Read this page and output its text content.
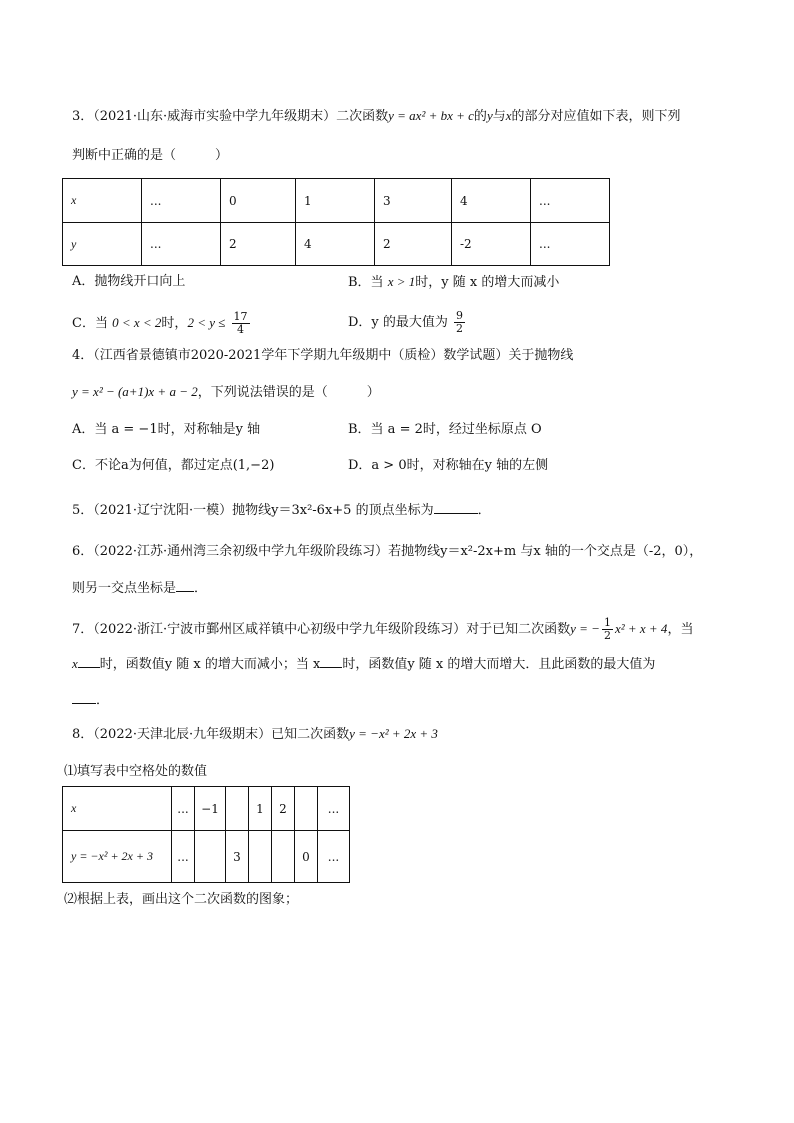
3．（2021·山东·威海市实验中学九年级期末）二次函数y = ax² + bx + c的y与x的部分对应值如下表，则下列
判断中正确的是（　　　）
x	...	0	1	3	4	...
y	...	2	4	2	-2	...
A．抛物线开口向上	B．当 x > 1时，y 随 x 的增大而减小
C．当 0 < x < 2时，$2 < y \le \frac{17}{4}$	D．y 的最大值为 $\frac{9}{2}$
4．（江西省景德镇市2020-2021学年下学期九年级期中（质检）数学试题）关于抛物线
y = x² − (a+1)x + a − 2，下列说法错误的是（　　　）
A．当 a = −1时，对称轴是y 轴	B．当 a = 2时，经过坐标原点 O
C．不论a为何值，都过定点(1,−2)	D．a > 0时，对称轴在y 轴的左侧
5．（2021·辽宁沈阳·一模）抛物线y＝3x²-6x+5 的顶点坐标为	．
6．（2022·江苏·通州湾三余初级中学九年级阶段练习）若抛物线y＝x²-2x+m 与x 轴的一个交点是（-2，0），
则另一交点坐标是 ．
7．（2022·浙江·宁波市鄞州区咸祥镇中心初级中学九年级阶段练习）对于已知二次函数y = − $\frac{1}{2} x^2 + x + 4$，当
x 时，函数值y 随 x 的增大而减小；当 x 时，函数值y 随 x 的增大而增大．且此函数的最大值为
．
8．（2022·天津北辰·九年级期末）已知二次函数y = −x² + 2x + 3
⑴填写表中空格处的数值
x	...	−1		1	2		...
y = −x² + 2x + 3	...		3			0	...
⑵根据上表，画出这个二次函数的图象；
